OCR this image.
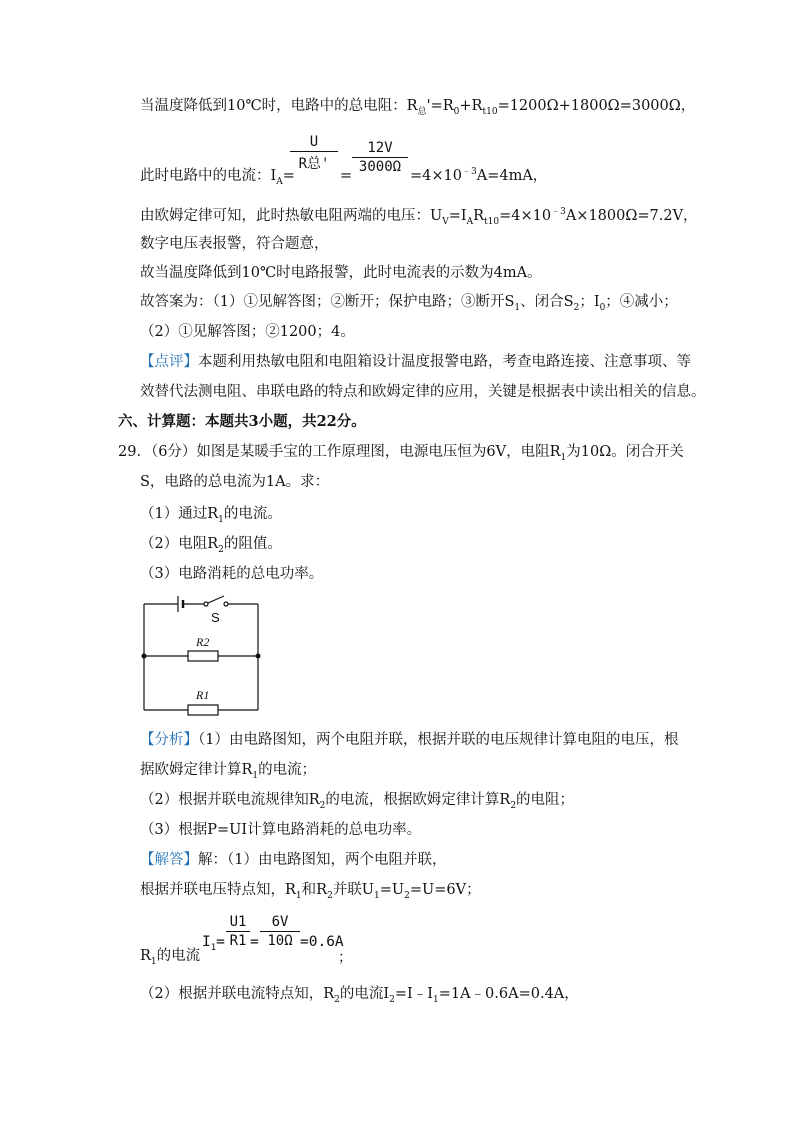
当温度降低到10℃时，电路中的总电阻：$R_总'=R_0+R_{t10}=1200\Omega+1800\Omega=3000\Omega$，
此时电路中的电流：$I_A=$
U
R总'
=
12V
3000Ω
$=4\times 10^{﹣3}A=4mA$，
由欧姆定律可知，此时热敏电阻两端的电压：$U_V=I_AR_{t10}=4\times 10^{﹣3}A\times 1800\Omega=7.2V$，
数字电压表报警，符合题意，
故当温度降低到10℃时电路报警，此时电流表的示数为4mA。
故答案为：（1）①见解答图；②断开；保护电路；③断开$S_1$、闭合$S_2$；$I_0$；④减小；
（2）①见解答图；②1200；4。
【点评】本题利用热敏电阻和电阻箱设计温度报警电路，考查电路连接、注意事项、等
效替代法测电阻、串联电路的特点和欧姆定律的应用，关键是根据表中读出相关的信息。
六、计算题：本题共3小题，共22分。
29．（6分）如图是某暖手宝的工作原理图，电源电压恒为6V，电阻$R_1$为10Ω。闭合开关
S，电路的总电流为1A。求：
（1）通过$R_1$的电流。
（2）电阻$R_2$的阻值。
（3）电路消耗的总电功率。
S
R2
R1
【分析】（1）由电路图知，两个电阻并联，根据并联的电压规律计算电阻的电压，根
据欧姆定律计算$R_1$的电流；
（2）根据并联电流规律知$R_2$的电流，根据欧姆定律计算$R_2$的电阻；
（3）根据P=UI计算电路消耗的总电功率。
【解答】解：（1）由电路图知，两个电阻并联，
根据并联电压特点知，$R_1$和$R_2$并联$U_1=U_2=U=6V$；
$R_1$的电流
$I_1=$
U1
R1 =
6V
10Ω =0.6A
；
（2）根据并联电流特点知，$R_2$的电流$I_2=I﹣I_1=1A﹣0.6A=0.4A$，
